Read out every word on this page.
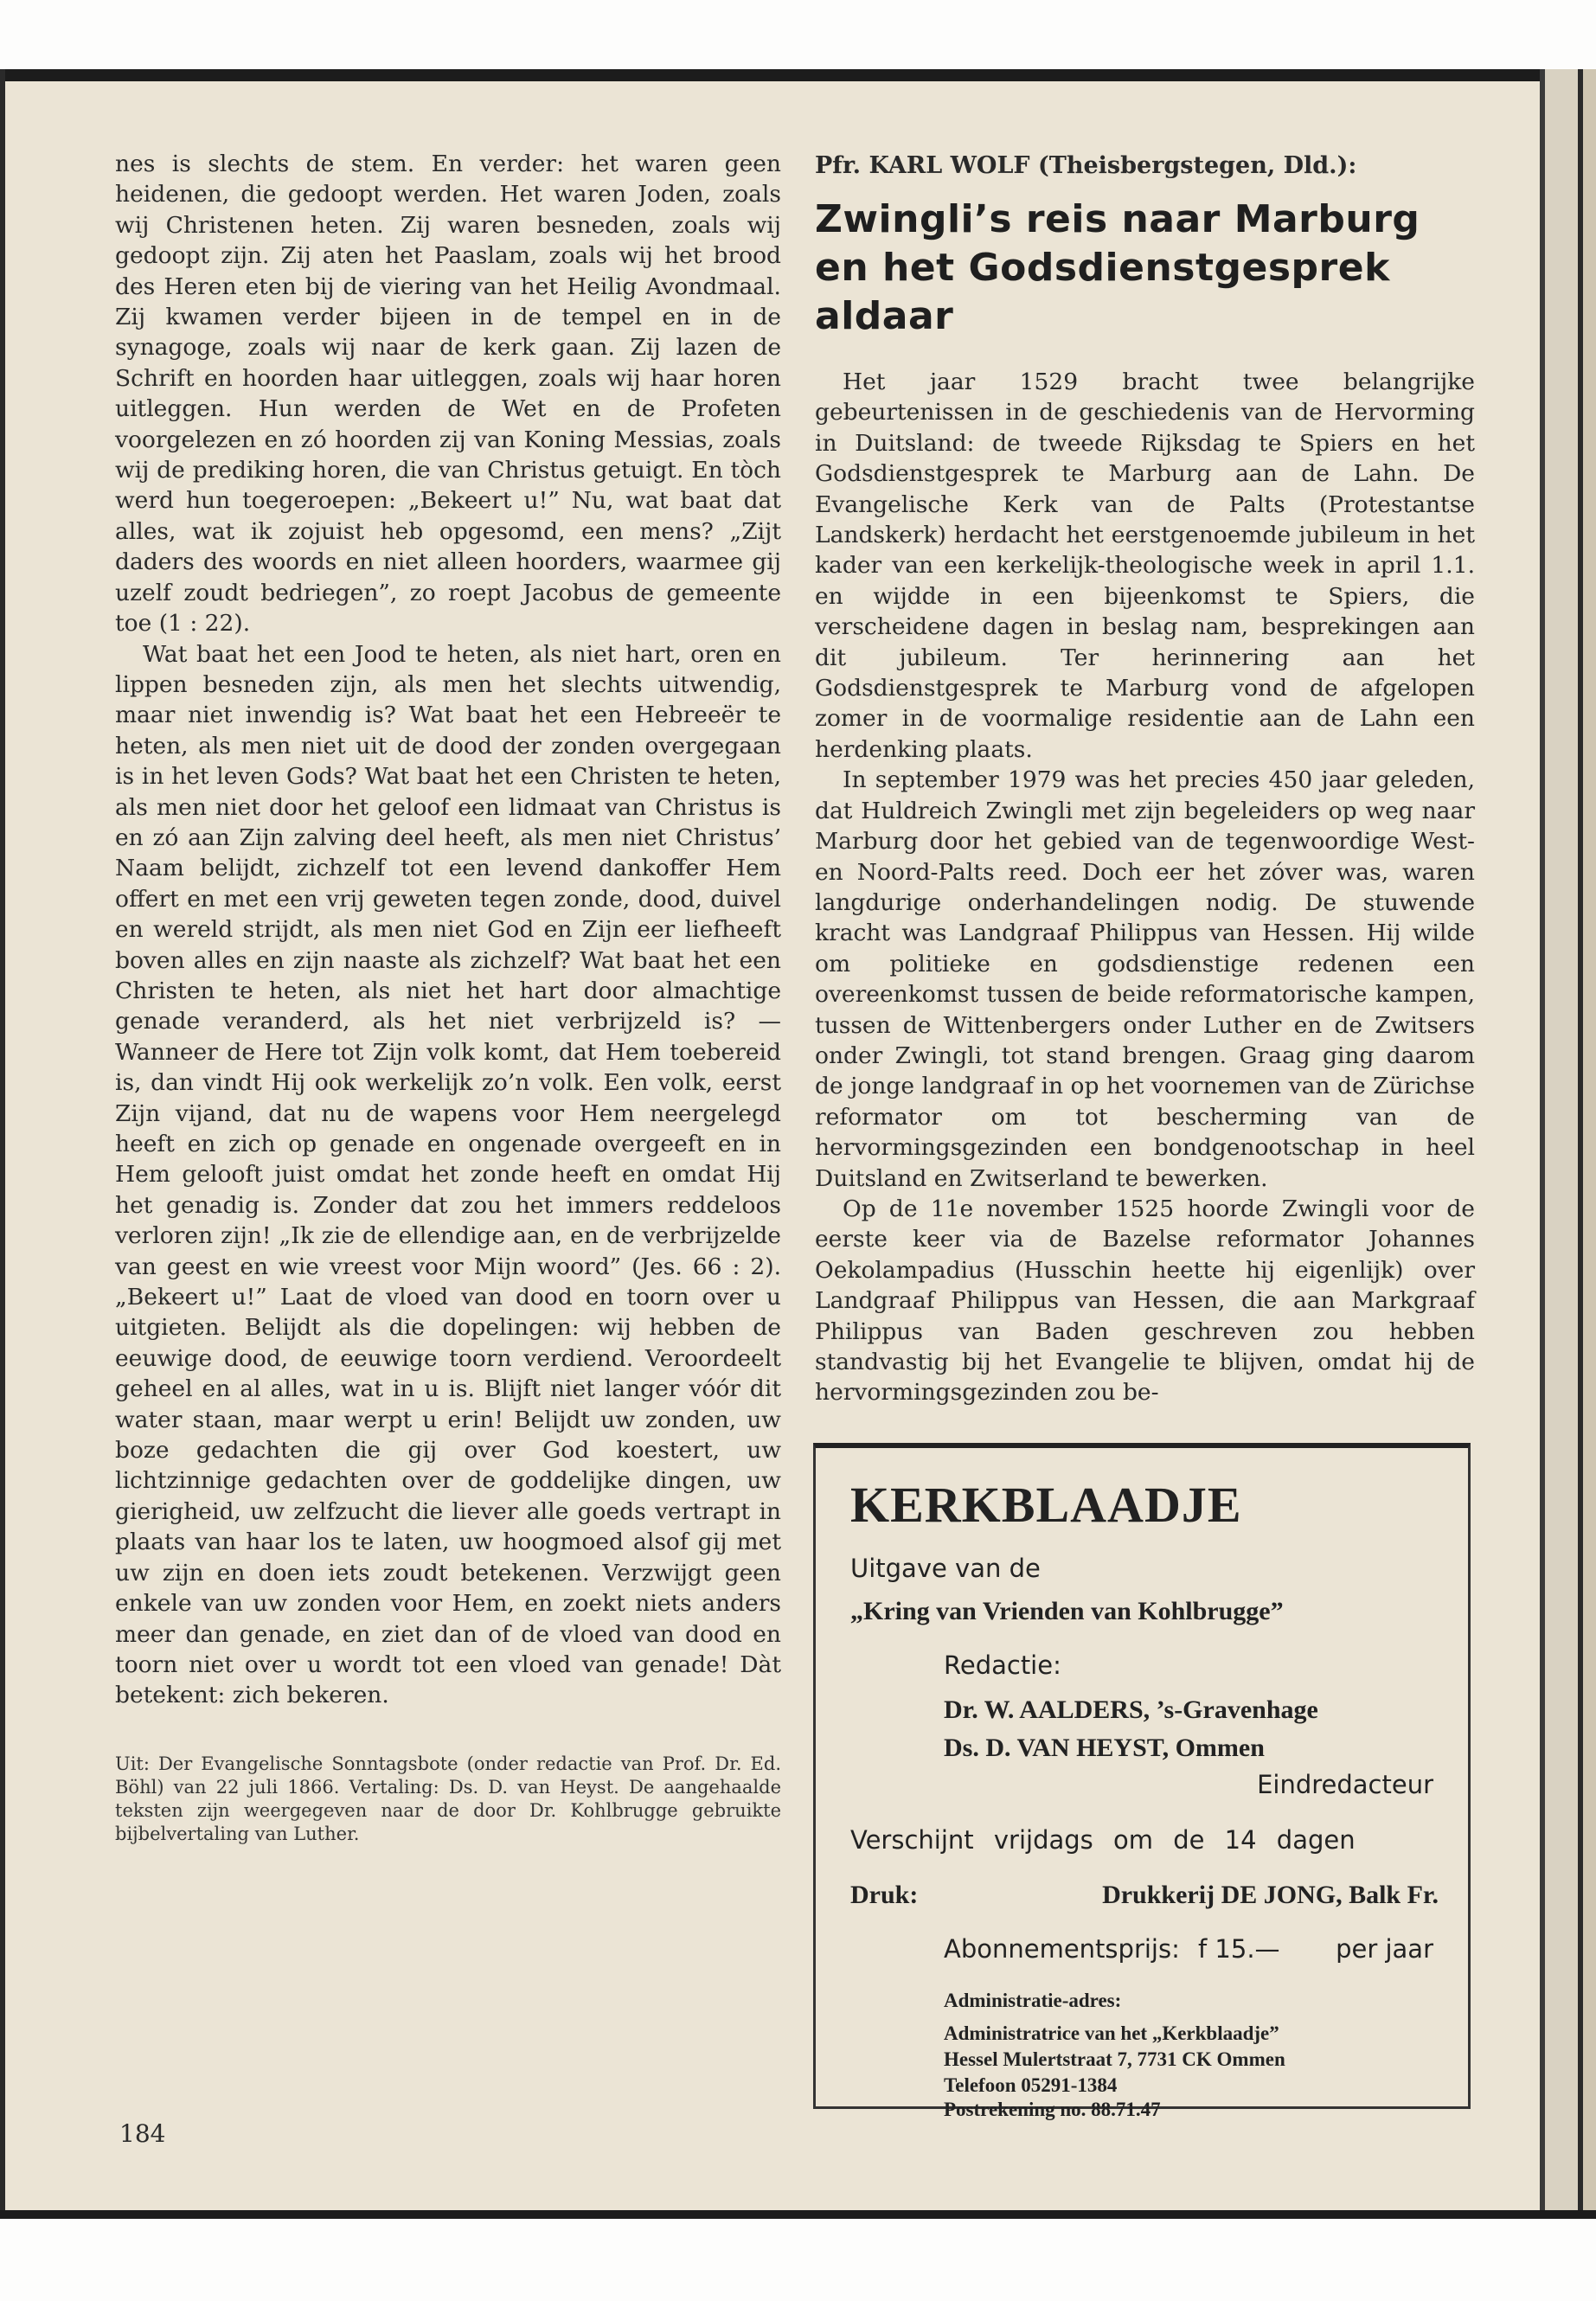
nes is slechts de stem. En verder: het waren geen heidenen, die gedoopt werden. Het waren Joden, zoals wij Christenen heten. Zij waren besneden, zoals wij gedoopt zijn. Zij aten het Paaslam, zoals wij het brood des Heren eten bij de viering van het Heilig Avondmaal. Zij kwamen verder bijeen in de tempel en in de synagoge, zoals wij naar de kerk gaan. Zij lazen de Schrift en hoorden haar uitleggen, zoals wij haar horen uitleggen. Hun werden de Wet en de Profeten voorgelezen en zó hoorden zij van Koning Messias, zoals wij de prediking horen, die van Christus getuigt. En tòch werd hun toegeroepen: „Bekeert u!” Nu, wat baat dat alles, wat ik zojuist heb opgesomd, een mens? „Zijt daders des woords en niet alleen hoorders, waarmee gij uzelf zoudt bedriegen”, zo roept Jacobus de gemeente toe (1 : 22).

Wat baat het een Jood te heten, als niet hart, oren en lippen besneden zijn, als men het slechts uitwendig, maar niet inwendig is? Wat baat het een Hebreeër te heten, als men niet uit de dood der zonden overgegaan is in het leven Gods? Wat baat het een Christen te heten, als men niet door het geloof een lidmaat van Christus is en zó aan Zijn zalving deel heeft, als men niet Christus’ Naam belijdt, zichzelf tot een levend dankoffer Hem offert en met een vrij geweten tegen zonde, dood, duivel en wereld strijdt, als men niet God en Zijn eer liefheeft boven alles en zijn naaste als zichzelf? Wat baat het een Christen te heten, als niet het hart door almachtige genade veranderd, als het niet verbrijzeld is? — Wanneer de Here tot Zijn volk komt, dat Hem toebereid is, dan vindt Hij ook werkelijk zo’n volk. Een volk, eerst Zijn vijand, dat nu de wapens voor Hem neergelegd heeft en zich op genade en ongenade overgeeft en in Hem gelooft juist omdat het zonde heeft en omdat Hij het genadig is. Zonder dat zou het immers reddeloos verloren zijn! „Ik zie de ellendige aan, en de verbrijzelde van geest en wie vreest voor Mijn woord” (Jes. 66 : 2). „Bekeert u!” Laat de vloed van dood en toorn over u uitgieten. Belijdt als die dopelingen: wij hebben de eeuwige dood, de eeuwige toorn verdiend. Veroordeelt geheel en al alles, wat in u is. Blijft niet langer vóór dit water staan, maar werpt u erin! Belijdt uw zonden, uw boze gedachten die gij over God koestert, uw lichtzinnige gedachten over de goddelijke dingen, uw gierigheid, uw zelfzucht die liever alle goeds vertrapt in plaats van haar los te laten, uw hoogmoed alsof gij met uw zijn en doen iets zoudt betekenen. Verzwijgt geen enkele van uw zonden voor Hem, en zoekt niets anders meer dan genade, en ziet dan of de vloed van dood en toorn niet over u wordt tot een vloed van genade! Dàt betekent: zich bekeren.

Uit: Der Evangelische Sonntagsbote (onder redactie van Prof. Dr. Ed. Böhl) van 22 juli 1866. Vertaling: Ds. D. van Heyst. De aangehaalde teksten zijn weergegeven naar de door Dr. Kohlbrugge gebruikte bijbelvertaling van Luther.

184

Pfr. KARL WOLF (Theisbergstegen, Dld.):

Zwingli’s reis naar Marburg en het Godsdienstgesprek aldaar

Het jaar 1529 bracht twee belangrijke gebeurtenissen in de geschiedenis van de Hervorming in Duitsland: de tweede Rijksdag te Spiers en het Godsdienstgesprek te Marburg aan de Lahn. De Evangelische Kerk van de Palts (Protestantse Landskerk) herdacht het eerstgenoemde jubileum in het kader van een kerkelijk-theologische week in april 1.1. en wijdde in een bijeenkomst te Spiers, die verscheidene dagen in beslag nam, besprekingen aan dit jubileum. Ter herinnering aan het Godsdienstgesprek te Marburg vond de afgelopen zomer in de voormalige residentie aan de Lahn een herdenking plaats.

In september 1979 was het precies 450 jaar geleden, dat Huldreich Zwingli met zijn begeleiders op weg naar Marburg door het gebied van de tegenwoordige West- en Noord-Palts reed. Doch eer het zóver was, waren langdurige onderhandelingen nodig. De stuwende kracht was Landgraaf Philippus van Hessen. Hij wilde om politieke en godsdienstige redenen een overeenkomst tussen de beide reformatorische kampen, tussen de Wittenbergers onder Luther en de Zwitsers onder Zwingli, tot stand brengen. Graag ging daarom de jonge landgraaf in op het voornemen van de Zürichse reformator om tot bescherming van de hervormingsgezinden een bondgenootschap in heel Duitsland en Zwitserland te bewerken.

Op de 11e november 1525 hoorde Zwingli voor de eerste keer via de Bazelse reformator Johannes Oekolampadius (Husschin heette hij eigenlijk) over Landgraaf Philippus van Hessen, die aan Markgraaf Philippus van Baden geschreven zou hebben standvastig bij het Evangelie te blijven, omdat hij de hervormingsgezinden zou be-

KERKBLAADJE
Uitgave van de
„Kring van Vrienden van Kohlbrugge”
Redactie:
Dr. W. AALDERS, ’s-Gravenhage
Ds. D. VAN HEYST, Ommen
Eindredacteur
Verschijnt vrijdags om de 14 dagen
Druk:	Drukkerij DE JONG, Balk Fr.
Abonnementsprijs: f 15.— per jaar
Administratie-adres:
Administratrice van het „Kerkblaadje”
Hessel Mulertstraat 7, 7731 CK Ommen
Telefoon 05291-1384
Postrekening no. 88.71.47
